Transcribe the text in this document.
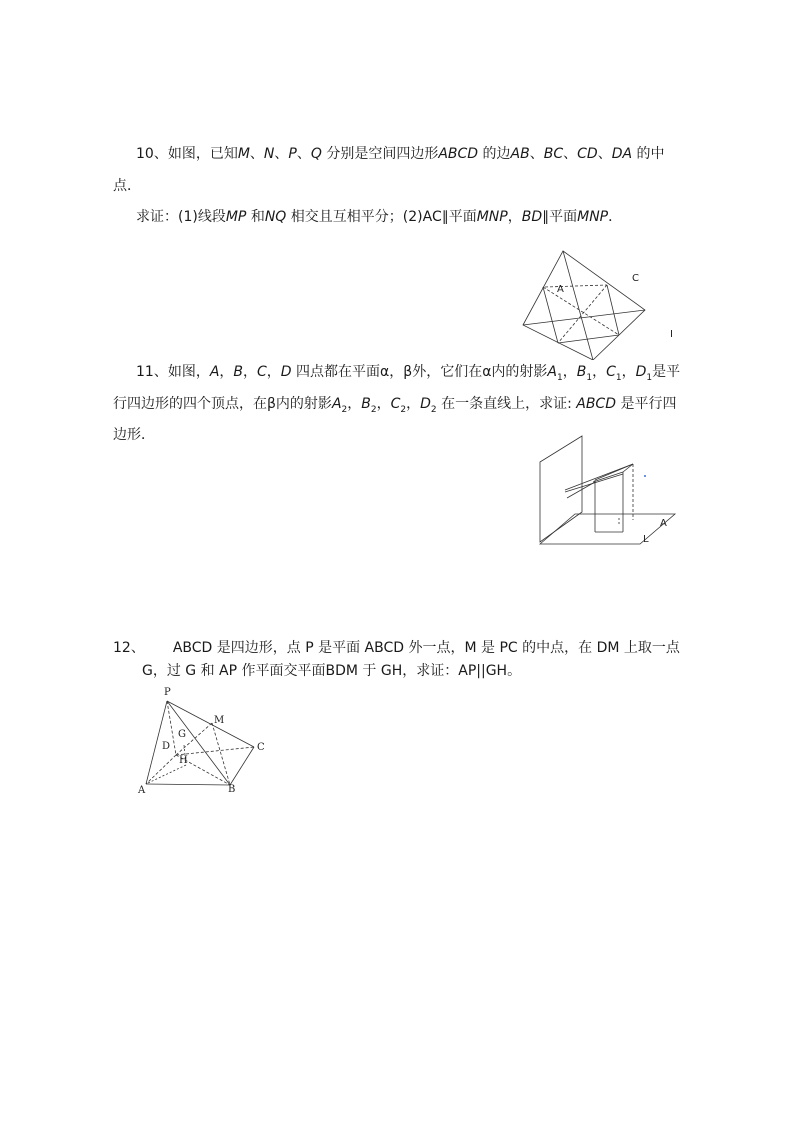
10、如图，已知M、N、P、Q 分别是空间四边形ABCD 的边AB、BC、CD、DA 的中
点．
求证：(1)线段MP 和NQ 相交且互相平分；(2)AC∥平面MNP，BD∥平面MNP．
A
C
I
11、如图，A，B，C，D 四点都在平面α，β外，它们在α内的射影$A_1$，$B_1$，$C_1$，$D_1$是平
行四边形的四个顶点，在β内的射影$A_2$，$B_2$，$C_2$，$D_2$ 在一条直线上，求证: ABCD 是平行四
边形．
A
L
12、 ABCD 是四边形，点 P 是平面 ABCD 外一点，M 是 PC 的中点，在 DM 上取一点
G，过 G 和 AP 作平面交平面BDM 于 GH，求证：AP||GH。
P
M
G
D
H
C
A	B
